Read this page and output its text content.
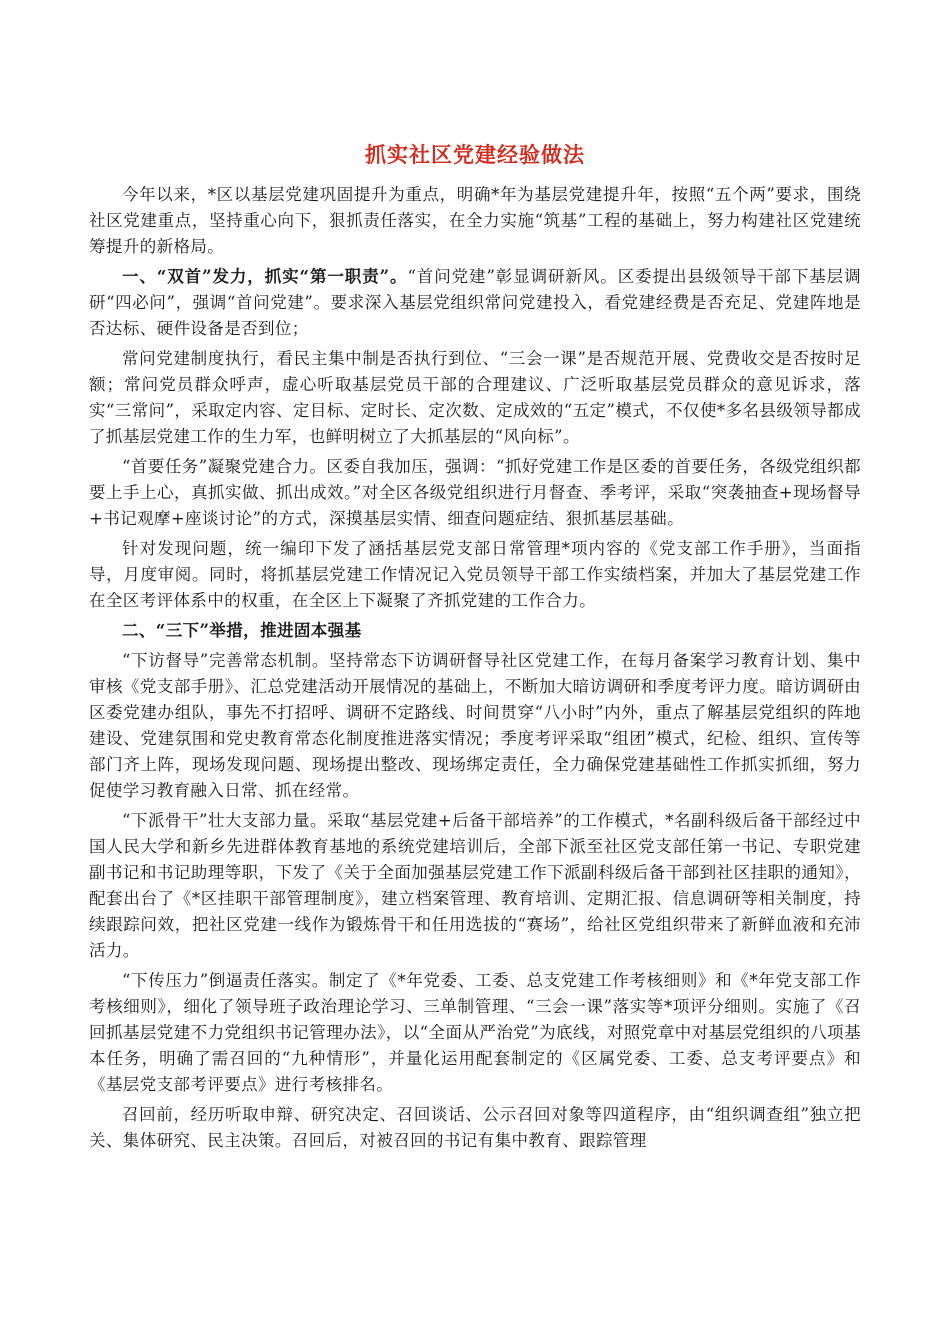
抓实社区党建经验做法

今年以来，*区以基层党建巩固提升为重点，明确*年为基层党建提升年，按照“五个两”要求，围绕社区党建重点，坚持重心向下，狠抓责任落实，在全力实施“筑基”工程的基础上，努力构建社区党建统筹提升的新格局。

一、“双首”发力，抓实“第一职责”。“首问党建”彰显调研新风。区委提出县级领导干部下基层调研“四必问”，强调“首问党建”。要求深入基层党组织常问党建投入，看党建经费是否充足、党建阵地是否达标、硬件设备是否到位；

常问党建制度执行，看民主集中制是否执行到位、“三会一课”是否规范开展、党费收交是否按时足额；常问党员群众呼声，虚心听取基层党员干部的合理建议、广泛听取基层党员群众的意见诉求，落实“三常问”，采取定内容、定目标、定时长、定次数、定成效的“五定”模式，不仅使*多名县级领导都成了抓基层党建工作的生力军，也鲜明树立了大抓基层的“风向标”。

“首要任务”凝聚党建合力。区委自我加压，强调：“抓好党建工作是区委的首要任务，各级党组织都要上手上心，真抓实做、抓出成效。”对全区各级党组织进行月督查、季考评，采取“突袭抽查+现场督导+书记观摩+座谈讨论”的方式，深摸基层实情、细查问题症结、狠抓基层基础。

针对发现问题，统一编印下发了涵括基层党支部日常管理*项内容的《党支部工作手册》，当面指导，月度审阅。同时，将抓基层党建工作情况记入党员领导干部工作实绩档案，并加大了基层党建工作在全区考评体系中的权重，在全区上下凝聚了齐抓党建的工作合力。

二、“三下”举措，推进固本强基

“下访督导”完善常态机制。坚持常态下访调研督导社区党建工作，在每月备案学习教育计划、集中审核《党支部手册》、汇总党建活动开展情况的基础上，不断加大暗访调研和季度考评力度。暗访调研由区委党建办组队，事先不打招呼、调研不定路线、时间贯穿“八小时”内外，重点了解基层党组织的阵地建设、党建氛围和党史教育常态化制度推进落实情况；季度考评采取“组团”模式，纪检、组织、宣传等部门齐上阵，现场发现问题、现场提出整改、现场绑定责任，全力确保党建基础性工作抓实抓细，努力促使学习教育融入日常、抓在经常。

“下派骨干”壮大支部力量。采取“基层党建+后备干部培养”的工作模式，*名副科级后备干部经过中国人民大学和新乡先进群体教育基地的系统党建培训后，全部下派至社区党支部任第一书记、专职党建副书记和书记助理等职，下发了《关于全面加强基层党建工作下派副科级后备干部到社区挂职的通知》，配套出台了《*区挂职干部管理制度》，建立档案管理、教育培训、定期汇报、信息调研等相关制度，持续跟踪问效，把社区党建一线作为锻炼骨干和任用选拔的“赛场”，给社区党组织带来了新鲜血液和充沛活力。

“下传压力”倒逼责任落实。制定了《*年党委、工委、总支党建工作考核细则》和《*年党支部工作考核细则》，细化了领导班子政治理论学习、三单制管理、“三会一课”落实等*项评分细则。实施了《召回抓基层党建不力党组织书记管理办法》，以“全面从严治党”为底线，对照党章中对基层党组织的八项基本任务，明确了需召回的“九种情形”，并量化运用配套制定的《区属党委、工委、总支考评要点》和《基层党支部考评要点》进行考核排名。

召回前，经历听取申辩、研究决定、召回谈话、公示召回对象等四道程序，由“组织调查组”独立把关、集体研究、民主决策。召回后，对被召回的书记有集中教育、跟踪管理
